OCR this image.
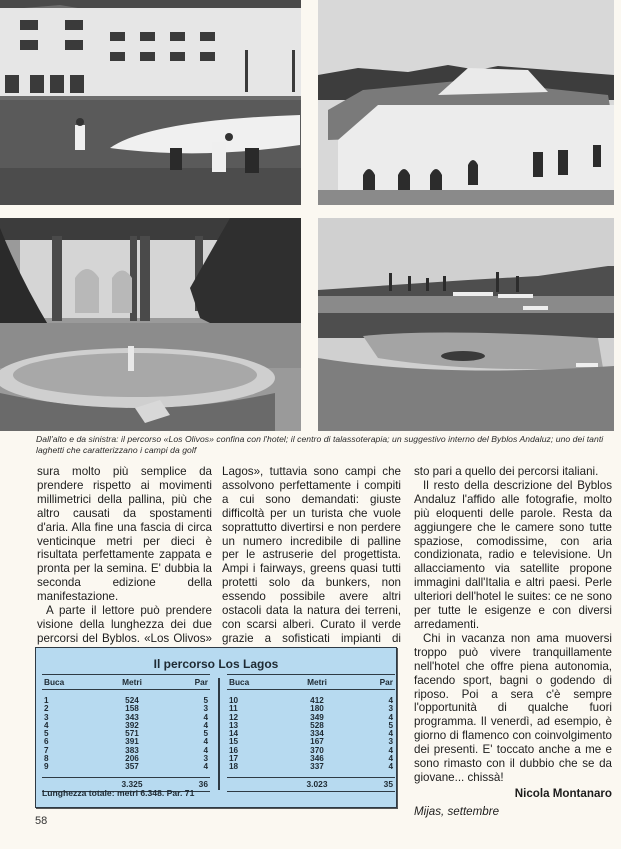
Dall'alto e da sinistra: il percorso «Los Olivos» confina con l'hotel; il centro di talassoterapia; un suggestivo interno del Byblos Andaluz; uno dei tanti laghetti che caratterizzano i campi da golf

sura molto più semplice da prendere rispetto ai movimenti millimetrici della pallina, più che altro causati da spostamenti d'aria. Alla fine una fascia di circa venticinque metri per dieci è risultata perfettamente zappata e pronta per la semina. E' dubbia la seconda edizione della manifestazione.

A parte il lettore può prendere visione della lunghezza dei due percorsi del Byblos. «Los Olivos»

Lagos», tuttavia sono campi che assolvono perfettamente i compiti a cui sono demandati: giuste difficoltà per un turista che vuole soprattutto divertirsi e non perdere un numero incredibile di palline per le astruserie del progettista. Ampi i fairways, greens quasi tutti protetti solo da bunkers, non essendo possibile avere altri ostacoli data la natura dei terreni, con scarsi alberi. Curato il verde grazie a sofisticati impianti di

sto pari a quello dei percorsi italiani.

Il resto della descrizione del Byblos Andaluz l'affido alle fotografie, molto più eloquenti delle parole. Resta da aggiungere che le camere sono tutte spaziose, comodissime, con aria condizionata, radio e televisione. Un allacciamento via satellite propone immagini dall'Italia e altri paesi. Perle ulteriori dell'hotel le suites: ce ne sono per tutte le esigenze e con diversi arredamenti.

Chi in vacanza non ama muoversi troppo può vivere tranquillamente nell'hotel che offre piena autonomia, facendo sport, bagni o godendo di riposo. Poi a sera c'è sempre l'opportunità di qualche fuori programma. Il venerdì, ad esempio, è giorno di flamenco con coinvolgimento dei presenti. E' toccato anche a me e sono rimasto con il dubbio che se da giovane... chissà!

Nicola Montanaro

Mijas, settembre

Il percorso Los Lagos
Buca	Metri	Par
1	524	5
2	158	3
3	343	4
4	392	4
5	571	5
6	391	4
7	383	4
8	206	3
9	357	4
3.325	36
Buca	Metri	Par
10	412	4
11	180	3
12	349	4
13	528	5
14	334	4
15	167	3
16	370	4
17	346	4
18	337	4
3.023	35
Lunghezza totale: metri 6.348. Par. 71
58
